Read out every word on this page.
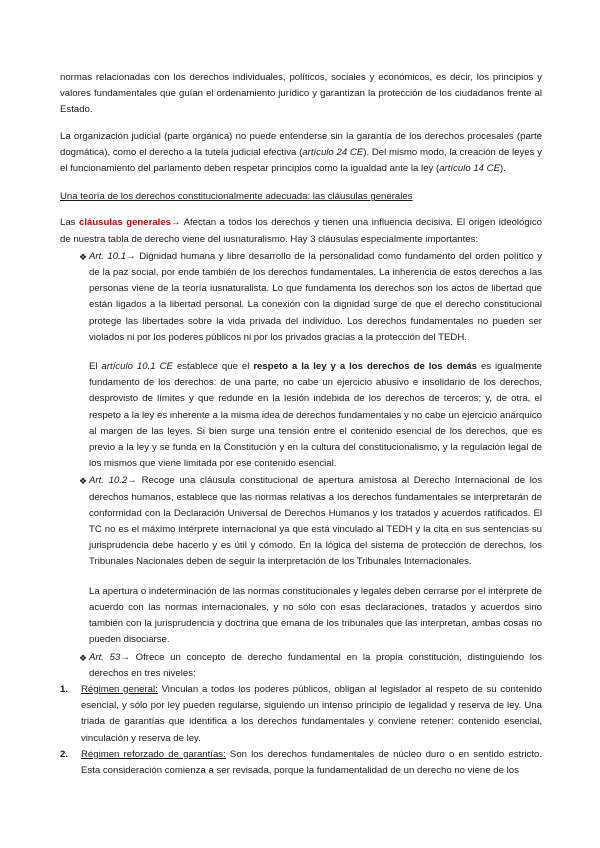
normas relacionadas con los derechos individuales, políticos, sociales y económicos, es decir, los principios y valores fundamentales que guían el ordenamiento jurídico y garantizan la protección de los ciudadanos frente al Estado.

La organización judicial (parte orgánica) no puede entenderse sin la garantía de los derechos procesales (parte dogmática), como el derecho a la tutela judicial efectiva (artículo 24 CE). Del mismo modo, la creación de leyes y el funcionamiento del parlamento deben respetar principios como la igualdad ante la ley (artículo 14 CE).

Una teoría de los derechos constitucionalmente adecuada: las cláusulas generales

Las cláusulas generales→ Afectan a todos los derechos y tienen una influencia decisiva. El origen ideológico de nuestra tabla de derecho viene del iusnaturalismo. Hay 3 cláusulas especialmente importantes:

❖ Art. 10.1→ Dignidad humana y libre desarrollo de la personalidad como fundamento del orden político y de la paz social, por ende también de los derechos fundamentales. La inherencia de estos derechos a las personas viene de la teoría iusnaturalista. Lo que fundamenta los derechos son los actos de libertad que están ligados a la libertad personal. La conexión con la dignidad surge de que el derecho constitucional protege las libertades sobre la vida privada del individuo. Los derechos fundamentales no pueden ser violados ni por los poderes públicos ni por los privados gracias a la protección del TEDH.

El artículo 10.1 CE establece que el respeto a la ley y a los derechos de los demás es igualmente fundamento de los derechos: de una parte, no cabe un ejercicio abusivo e insolidario de los derechos, desprovisto de límites y que redunde en la lesión indebida de los derechos de terceros; y, de otra, el respeto a la ley es inherente a la misma idea de derechos fundamentales y no cabe un ejercicio anárquico al margen de las leyes. Si bien surge una tensión entre el contenido esencial de los derechos, que es previo a la ley y se funda en la Constitución y en la cultura del constitucionalismo, y la regulación legal de los mismos que viene limitada por ese contenido esencial.

❖ Art. 10.2→ Recoge una cláusula constitucional de apertura amistosa al Derecho Internacional de los derechos humanos, establece que las normas relativas a los derechos fundamentales se interpretarán de conformidad con la Declaración Universal de Derechos Humanos y los tratados y acuerdos ratificados. El TC no es el máximo intérprete internacional ya que está vinculado al TEDH y la cita en sus sentencias su jurisprudencia debe hacerlo y es útil y cómodo. En la lógica del sistema de protección de derechos, los Tribunales Nacionales deben de seguir la interpretación de los Tribunales Internacionales.

La apertura o indeterminación de las normas constitucionales y legales deben cerrarse por el intérprete de acuerdo con las normas internacionales, y no sólo con esas declaraciones, tratados y acuerdos sino también con la jurisprudencia y doctrina que emana de los tribunales que las interpretan, ambas cosas no pueden disociarse.

❖ Art. 53→ Ofrece un concepto de derecho fundamental en la propia constitución, distinguiendo los derechos en tres niveles:

1. Régimen general: Vinculan a todos los poderes públicos, obligan al legislador al respeto de su contenido esencial, y sólo por ley pueden regularse, siguiendo un intenso principio de legalidad y reserva de ley. Una triada de garantías que identifica a los derechos fundamentales y conviene retener: contenido esencial, vinculación y reserva de ley.

2. Régimen reforzado de garantías: Son los derechos fundamentales de núcleo duro o en sentido estricto. Esta consideración comienza a ser revisada, porque la fundamentalidad de un derecho no viene de los
